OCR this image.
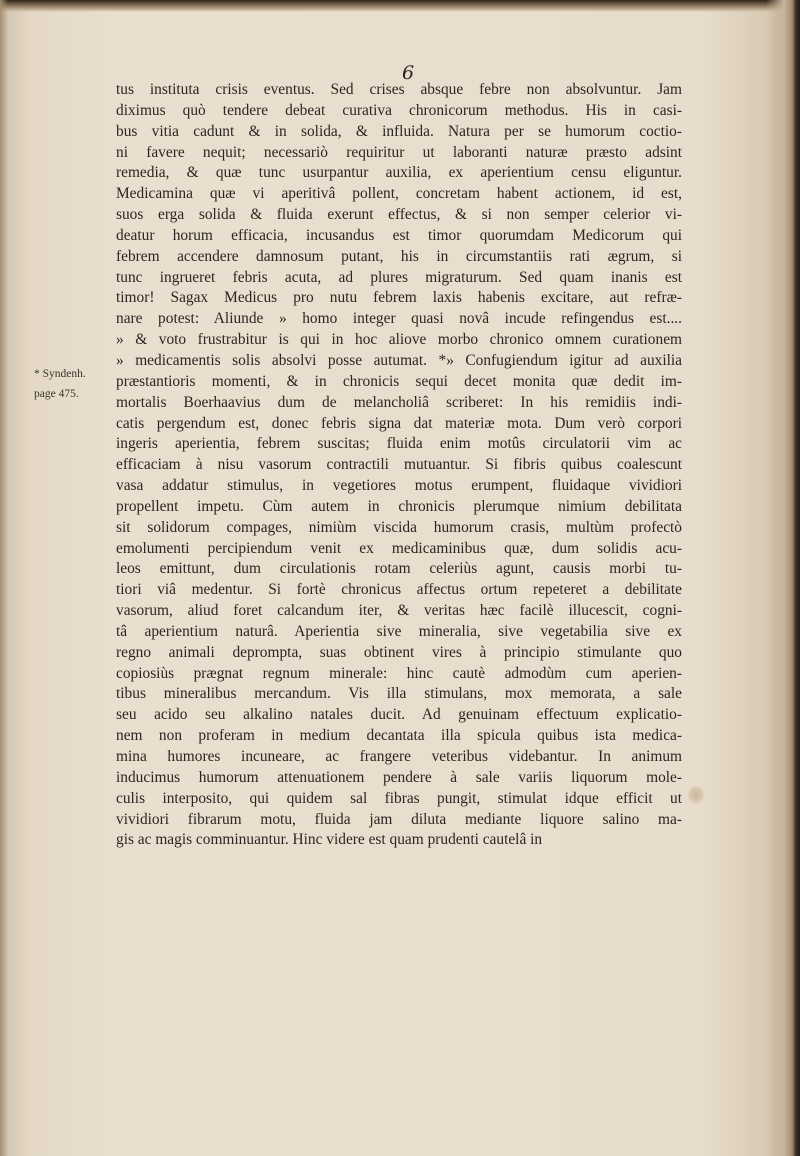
6
* Syndenh.
page 475.
tus instituta crisis eventus. Sed crises absque febre non absolvuntur. Jam
diximus quò tendere debeat curativa chronicorum methodus. His in casi-
bus vitia cadunt & in solida, & influida. Natura per se humorum coctio-
ni favere nequit; necessariò requiritur ut laboranti naturæ præsto adsint
remedia, & quæ tunc usurpantur auxilia, ex aperientium censu eliguntur.
Medicamina quæ vi aperitivâ pollent, concretam habent actionem, id est,
suos erga solida & fluida exerunt effectus, & si non semper celerior vi-
deatur horum efficacia, incusandus est timor quorumdam Medicorum qui
febrem accendere damnosum putant, his in circumstantiis rati ægrum, si
tunc ingrueret febris acuta, ad plures migraturum. Sed quam inanis est
timor! Sagax Medicus pro nutu febrem laxis habenis excitare, aut refræ-
nare potest: Aliunde » homo integer quasi novâ incude refingendus est....
» & voto frustrabitur is qui in hoc aliove morbo chronico omnem curationem
» medicamentis solis absolvi posse autumat. *» Confugiendum igitur ad auxilia
præstantioris momenti, & in chronicis sequi decet monita quæ dedit im-
mortalis Boerhaavius dum de melancholiâ scriberet: In his remidiis indi-
catis pergendum est, donec febris signa dat materiæ mota. Dum verò corpori
ingeris aperientia, febrem suscitas; fluida enim motûs circulatorii vim ac
efficaciam à nisu vasorum contractili mutuantur. Si fibris quibus coalescunt
vasa addatur stimulus, in vegetiores motus erumpent, fluidaque vividiori
propellent impetu. Cùm autem in chronicis plerumque nimium debilitata
sit solidorum compages, nimiùm viscida humorum crasis, multùm profectò
emolumenti percipiendum venit ex medicaminibus quæ, dum solidis acu-
leos emittunt, dum circulationis rotam celeriùs agunt, causis morbi tu-
tiori viâ medentur. Si fortè chronicus affectus ortum repeteret a debilitate
vasorum, aliud foret calcandum iter, & veritas hæc facilè illucescit, cogni-
tâ aperientium naturâ. Aperientia sive mineralia, sive vegetabilia sive ex
regno animali deprompta, suas obtinent vires à principio stimulante quo
copiosiùs prægnat regnum minerale: hinc cautè admodùm cum aperien-
tibus mineralibus mercandum. Vis illa stimulans, mox memorata, a sale
seu acido seu alkalino natales ducit. Ad genuinam effectuum explicatio-
nem non proferam in medium decantata illa spicula quibus ista medica-
mina humores incuneare, ac frangere veteribus videbantur. In animum
inducimus humorum attenuationem pendere à sale variis liquorum mole-
culis interposito, qui quidem sal fibras pungit, stimulat idque efficit ut
vividiori fibrarum motu, fluida jam diluta mediante liquore salino ma-
gis ac magis comminuantur. Hinc videre est quam prudenti cautelâ in
